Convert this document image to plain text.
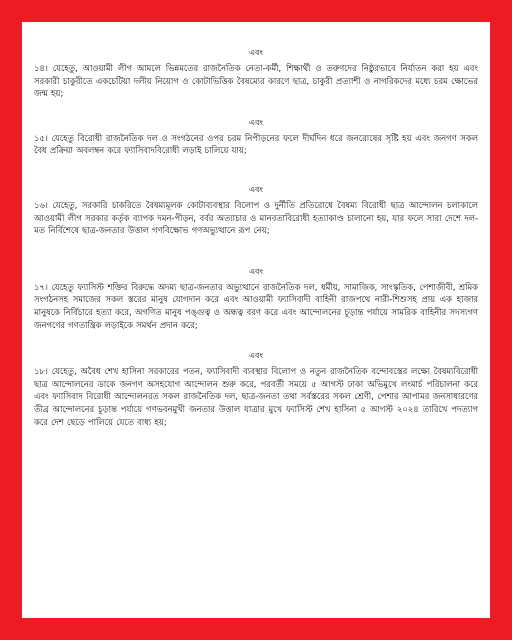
এবং

১৪। যেহেতু, আওয়ামী লীগ আমলে ভিন্নমতের রাজনৈতিক নেতা-কর্মী, শিক্ষার্থী ও তরুণদের নিষ্ঠুরভাবে নির্যাতন করা হয় এবং সরকারী চাকুরীতে একচেটিয়া দলীয় নিয়োগ ও কোটাভিত্তিক বৈষম্যের কারণে ছাত্র, চাকুরী প্রত্যাশী ও নাগরিকদের মধ্যে চরম ক্ষোভের জন্ম হয়;

এবং

১৫। যেহেতু বিরোধী রাজনৈতিক দল ও সংগঠনের ওপর চরম নিপীড়নের ফলে দীর্ঘদিন ধরে জনরোষের সৃষ্টি হয় এবং জনগণ সকল বৈধ প্রক্রিয়া অবলম্বন করে ফ্যাসিবাদবিরোধী লড়াই চালিয়ে যায়;

এবং

১৬। যেহেতু, সরকারি চাকরিতে বৈষম্যমূলক কোটাব্যবস্থার বিলোপ ও দুর্নীতি প্রতিরোধে বৈষম্য বিরোধী ছাত্র আন্দোলন চলাকালে আওয়ামী লীগ সরকার কর্তৃক ব্যাপক দমন-পীড়ন, বর্বর অত্যাচার ও মানবতাবিরোধী হত্যাকাণ্ড চালানো হয়, যার ফলে সারা দেশে দল-মত নির্বিশেষে ছাত্র-জনতার উত্তাল গণবিক্ষোভ গণঅভ্যুত্থানে রূপ নেয়;

এবং

১৭। যেহেতু ফ্যাসিস্ট শক্তির বিরুদ্ধে অদম্য ছাত্র-জনতার অভ্যুত্থানে রাজনৈতিক দল, ধর্মীয়, সামাজিক, সাংস্কৃতিক, পেশাজীবী, শ্রমিক সংগঠনসহ সমাজের সকল স্তরের মানুষ যোগদান করে এবং আওয়ামী ফ্যাসিবাদী বাহিনী রাজপথে নারী-শিশুসহ প্রায় এক হাজার মানুষকে নির্বিচারে হত্যা করে, অগণিত মানুষ পঙ্গুত্ব ও অন্ধত্ব বরণ করে এবং আন্দোলনের চূড়ান্ত পর্যায়ে সামরিক বাহিনীর সদস্যগণ জনগণের গণতান্ত্রিক লড়াইকে সমর্থন প্রদান করে;

এবং

১৮। যেহেতু, অবৈধ শেখ হাসিনা সরকারের পতন, ফ্যাসিবাদী ব্যবস্থার বিলোপ ও নতুন রাজনৈতিক বন্দোবস্তের লক্ষ্যে বৈষম্যবিরোধী ছাত্র আন্দোলনের ডাকে জনগণ অসহযোগ আন্দোলন শুরু করে, পরবর্তী সময়ে ৫ আগস্ট ঢাকা অভিমুখে লংমার্চ পরিচালনা করে এবং ফ্যাসিবাদ বিরোধী আন্দোলনরত সকল রাজনৈতিক দল, ছাত্র-জনতা তথা সর্বস্তরের সকল শ্রেণী, পেশার আপামর জনসাধারণের তীব্র আন্দোলনের চূড়ান্ত পর্যায়ে গণভবনমুখী জনতার উত্তাল যাত্রার মুখে ফ্যাসিস্ট শেখ হাসিনা ৫ আগস্ট ২০২৪ তারিখে পদত্যাগ করে দেশ ছেড়ে পালিয়ে যেতে বাধ্য হয়;
